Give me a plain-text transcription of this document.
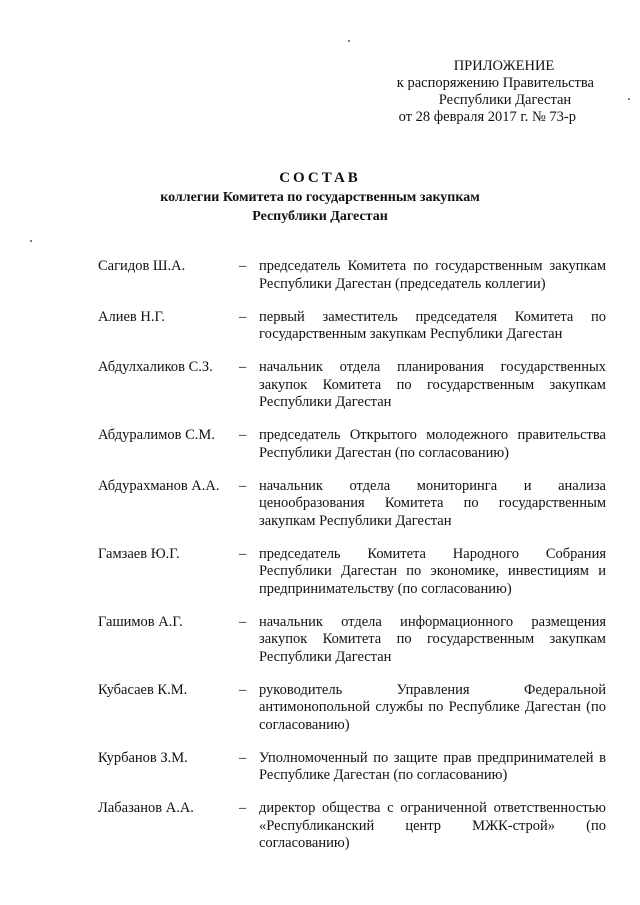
ПРИЛОЖЕНИЕ
к распоряжению Правительства
Республики Дагестан
от 28 февраля 2017 г. № 73-р
СОСТАВ
коллегии Комитета по государственным закупкам
Республики Дагестан
Сагидов Ш.А.	– председатель Комитета по государственным закупкам Республики Дагестан (председатель коллегии)
Алиев Н.Г.	– первый заместитель председателя Комитета по государственным закупкам Республики Дагестан
Абдулхаликов С.З.	– начальник отдела планирования государственных закупок Комитета по государственным закупкам Республики Дагестан
Абдуралимов С.М.	– председатель Открытого молодежного правительства Республики Дагестан (по согласованию)
Абдурахманов А.А.	– начальник отдела мониторинга и анализа ценообразования Комитета по государственным закупкам Республики Дагестан
Гамзаев Ю.Г.	– председатель Комитета Народного Собрания Республики Дагестан по экономике, инвестициям и предпринимательству (по согласованию)
Гашимов А.Г.	– начальник отдела информационного размещения закупок Комитета по государственным закупкам Республики Дагестан
Кубасаев К.М.	– руководитель Управления Федеральной антимонопольной службы по Республике Дагестан (по согласованию)
Курбанов З.М.	– Уполномоченный по защите прав предпринимателей в Республике Дагестан (по согласованию)
Лабазанов А.А.	– директор общества с ограниченной ответственностью «Республиканский центр МЖК-строй» (по согласованию)
